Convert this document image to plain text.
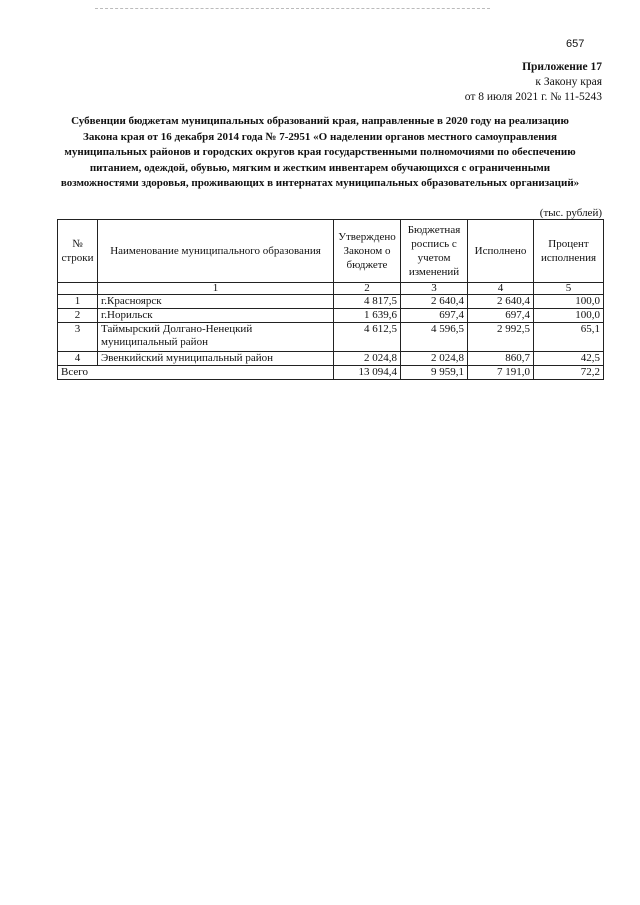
657
Приложение 17
к Закону края
от 8 июля 2021 г. № 11-5243
Субвенции бюджетам муниципальных образований края, направленные в 2020 году на реализацию
Закона края от 16 декабря 2014 года № 7-2951 «О наделении органов местного самоуправления
муниципальных районов и городских округов края государственными полномочиями по обеспечению
питанием, одеждой, обувью, мягким и жестким инвентарем обучающихся с ограниченными
возможностями здоровья, проживающих в интернатах муниципальных образовательных организаций»
(тыс. рублей)
№ строки	Наименование муниципального образования	Утверждено Законом о бюджете	Бюджетная роспись с учетом изменений	Исполнено	Процент исполнения
	1	2	3	4	5
1	г.Красноярск	4 817,5	2 640,4	2 640,4	100,0
2	г.Норильск	1 639,6	697,4	697,4	100,0
3	Таймырский Долгано-Ненецкий муниципальный район	4 612,5	4 596,5	2 992,5	65,1
4	Эвенкийский муниципальный район	2 024,8	2 024,8	860,7	42,5
Всего		13 094,4	9 959,1	7 191,0	72,2
